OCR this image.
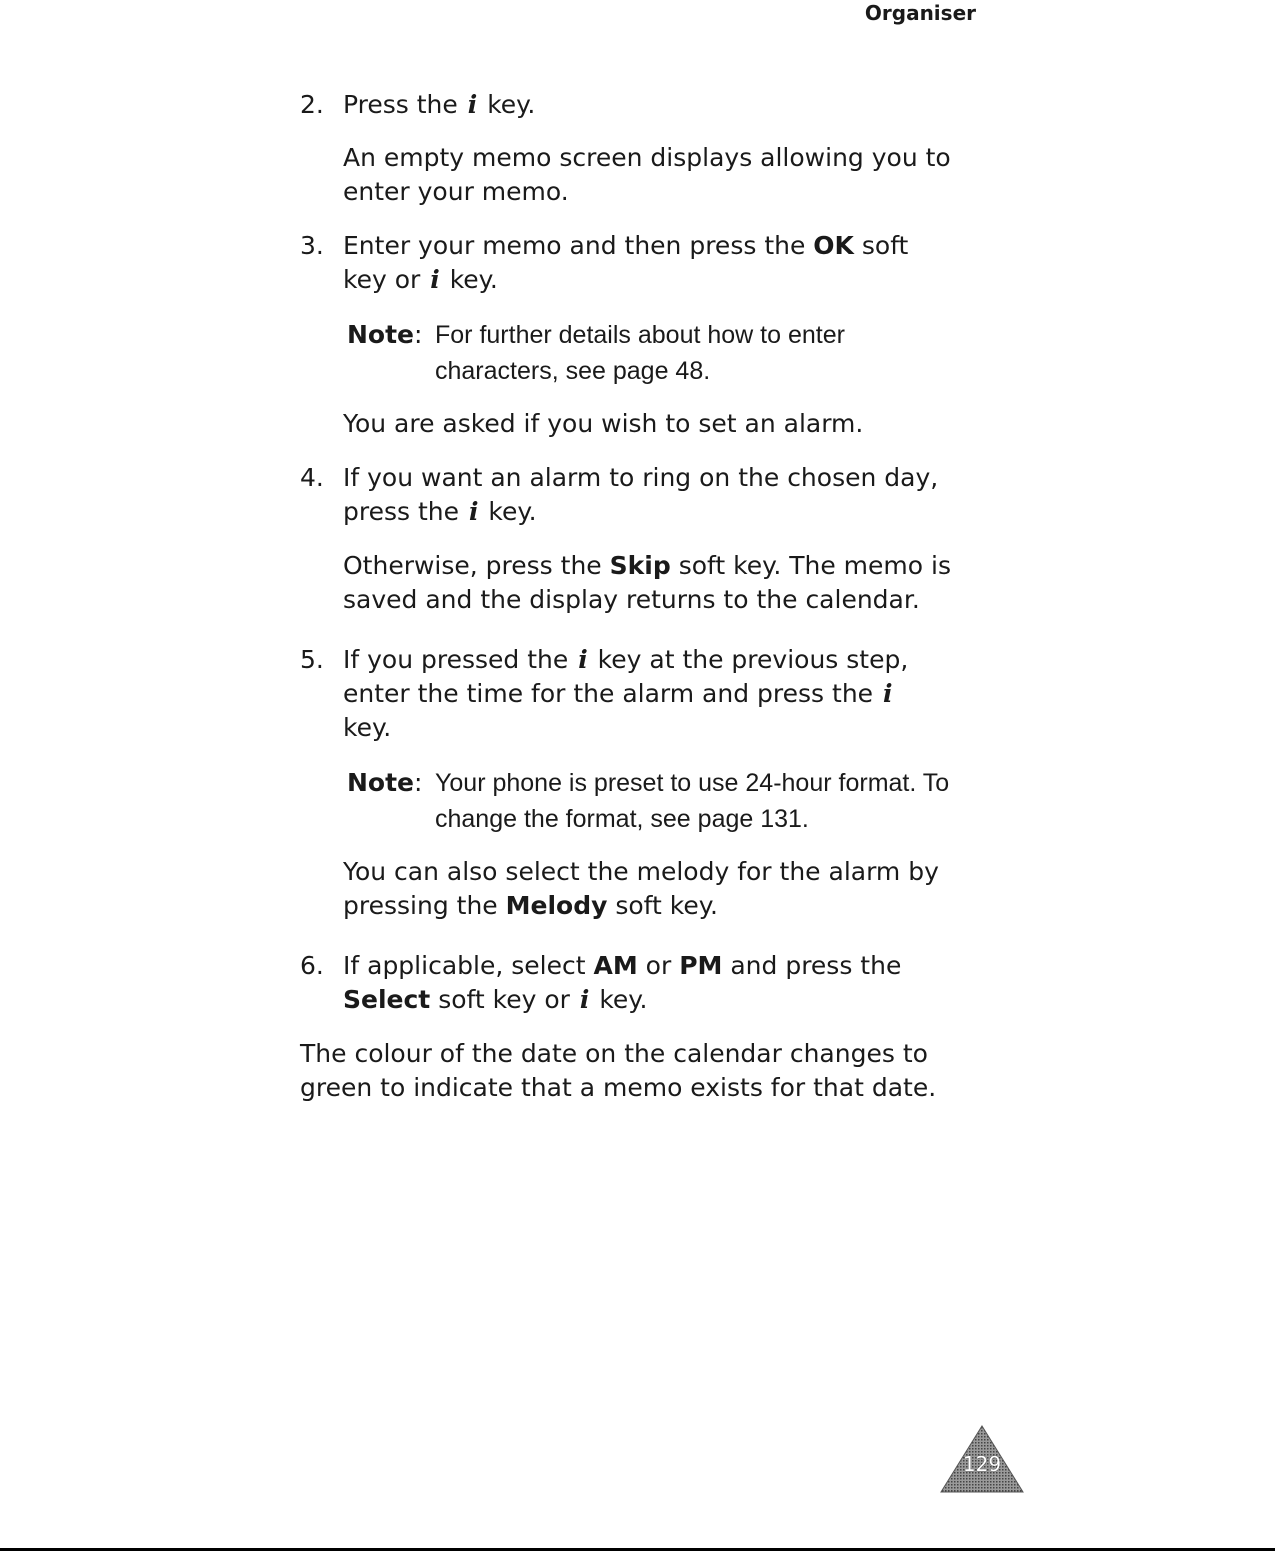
Organiser
2. Press the i key.
An empty memo screen displays allowing you to enter your memo.
3. Enter your memo and then press the OK soft key or i key.
Note: For further details about how to enter characters, see page 48.
You are asked if you wish to set an alarm.
4. If you want an alarm to ring on the chosen day, press the i key.
Otherwise, press the Skip soft key. The memo is saved and the display returns to the calendar.
5. If you pressed the i key at the previous step, enter the time for the alarm and press the i key.
Note: Your phone is preset to use 24-hour format. To change the format, see page 131.
You can also select the melody for the alarm by pressing the Melody soft key.
6. If applicable, select AM or PM and press the Select soft key or i key.
The colour of the date on the calendar changes to green to indicate that a memo exists for that date.
129
